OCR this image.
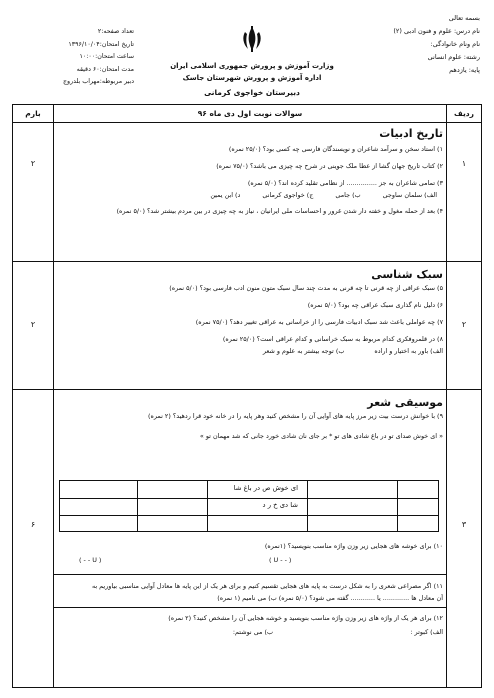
بسمه تعالی
نام درس: علوم و فنون ادبی (۲)
نام ونام خانوادگی:
رشته: علوم انسانی
پایه: یازدهم
وزارت آموزش و پرورش جمهوری اسلامی ایران
اداره آموزش و پرورش شهرستان جاسک
دبیرستان خواجوی کرمانی
تعداد صفحه:۲
تاریخ امتحان:۱۳۹۶/۱۰/۰۴
ساعت امتحان:۱۰:۰۰
مدت امتحان:۶۰ دقیقه
دبیر مربوطه:مهراب بلدروج
ردیف
سوالات نوبت اول دی ماه ۹۶
بارم
۱
۲
تاریخ ادبیات
۱) استاد سخن و سرآمد شاعران و نویسندگان فارسی چه کسی بود؟ (۲۵/۰ نمره)
۲) کتاب تاریخ جهان گشا از عطا ملک جوینی در شرح چه چیزی می باشد؟ (۷۵/۰ نمره)
۳) تمامی شاعران به جز ............... از نظامی تقلید کرده اند؟ (۵/۰ نمره)
الف) سلمان ساوجی
ب) جامی
ج) خواجوی کرمانی
د) ابن یمین
۴) بعد از حمله مغول و خفته دار شدن غرور و احساسات ملی ایرانیان ، نیاز به چه چیزی در بین مردم بیشتر شد؟ (۵/۰ نمره)
۲
۲
سبک شناسی
۵) سبک عراقی از چه قرنی تا چه قرنی به مدت چند سال سبک متون منون ادب فارسی بود؟ (۵/۰ نمره)
۶) دلیل نام گذاری سبک عراقی چه بود؟ (۵/۰ نمره)
۷) چه عواملی باعث شد سبک ادبیات فارسی را از خراسانی به عراقی تغییر دهد؟ (۷۵/۰ نمره)
۸) در قلمروفکری کدام مربوط به سبک خراسانی و کدام عراقی است؟ (۲۵/۰ نمره)
الف) باور به اختیار و اراده
ب) توجه بیشتر به علوم و شعر
۳
۶
موسیقی شعر
۹) با خوانش درست بیت زیر مرز پایه های آوایی آن را مشخص کنید وهر پایه را در خانه خود قرا ردهید؟ (۲ نمره)
« ای خوش صدای تو در باغ شادی های تو * بر جای نان شادی خورد جانی که شد مهمان تو »
ای خوش ص در باغ شا
شا دی خ ر د
۱۰) برای خوشه های هجایی زیر وزن واژه مناسب بنویسید؟ (۱نمره)
( U - - )
( - - U )
۱۱) اگر مصراعی شعری را به شکل درست به پایه های هجایی تقسیم کنیم و برای هر یک از این پایه ها معادل آوایی مناسبی بیاوریم به
آن معادل ها ............. یا ............ گفته می شود؟ (۵/۰ نمره) ب) می نامیم (۱ نمره)
۱۲) برای هر یک از واژه های زیر وزن واژه مناسب بنویسید و خوشه هجایی آن را مشخص کنید؟ (۲ نمره)
الف) کبوتر :
ب) می نوشتم:
